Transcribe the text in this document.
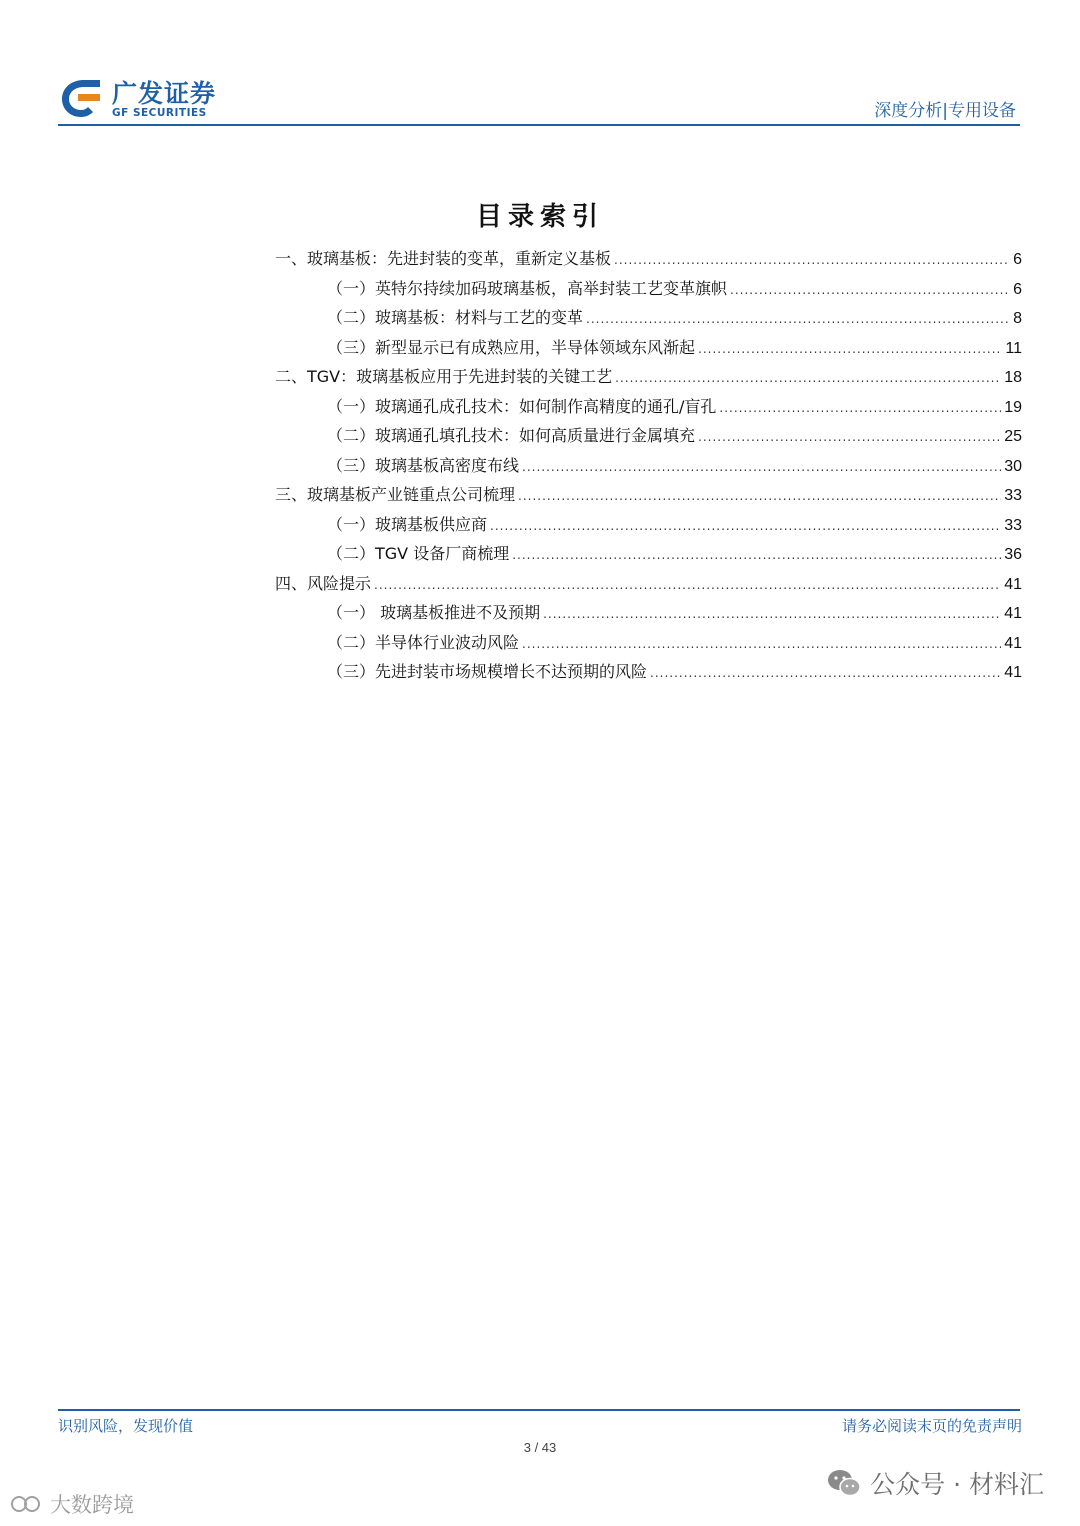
广发证券
GF SECURITIES	深度分析|专用设备
目录索引
一、玻璃基板：先进封装的变革，重新定义基板 .....	6
（一）英特尔持续加码玻璃基板，高举封装工艺变革旗帜 .....	6
（二）玻璃基板：材料与工艺的变革 .....	8
（三）新型显示已有成熟应用，半导体领域东风渐起 .....	11
二、TGV：玻璃基板应用于先进封装的关键工艺 .....	18
（一）玻璃通孔成孔技术：如何制作高精度的通孔/盲孔 .....	19
（二）玻璃通孔填孔技术：如何高质量进行金属填充 .....	25
（三）玻璃基板高密度布线 .....	30
三、玻璃基板产业链重点公司梳理 .....	33
（一）玻璃基板供应商 .....	33
（二）TGV 设备厂商梳理 .....	36
四、风险提示 .....	41
（一） 玻璃基板推进不及预期 .....	41
（二）半导体行业波动风险 .....	41
（三）先进封装市场规模增长不达预期的风险 .....	41
识别风险，发现价值	请务必阅读末页的免责声明
3 / 43
公众号 · 材料汇
大数跨境
